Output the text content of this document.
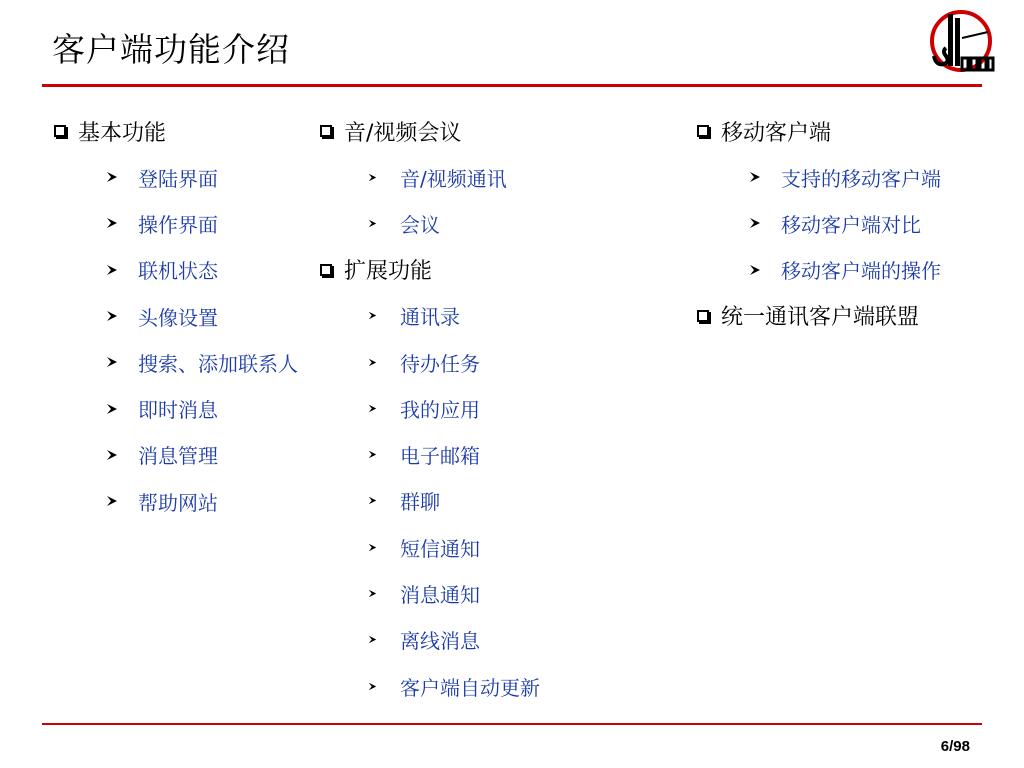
客户端功能介绍
基本功能
登陆界面
操作界面
联机状态
头像设置
搜索、添加联系人
即时消息
消息管理
帮助网站
音/视频会议
音/视频通讯
会议
扩展功能
通讯录
待办任务
我的应用
电子邮箱
群聊
短信通知
消息通知
离线消息
客户端自动更新
移动客户端
支持的移动客户端
移动客户端对比
移动客户端的操作
统一通讯客户端联盟
6/98
